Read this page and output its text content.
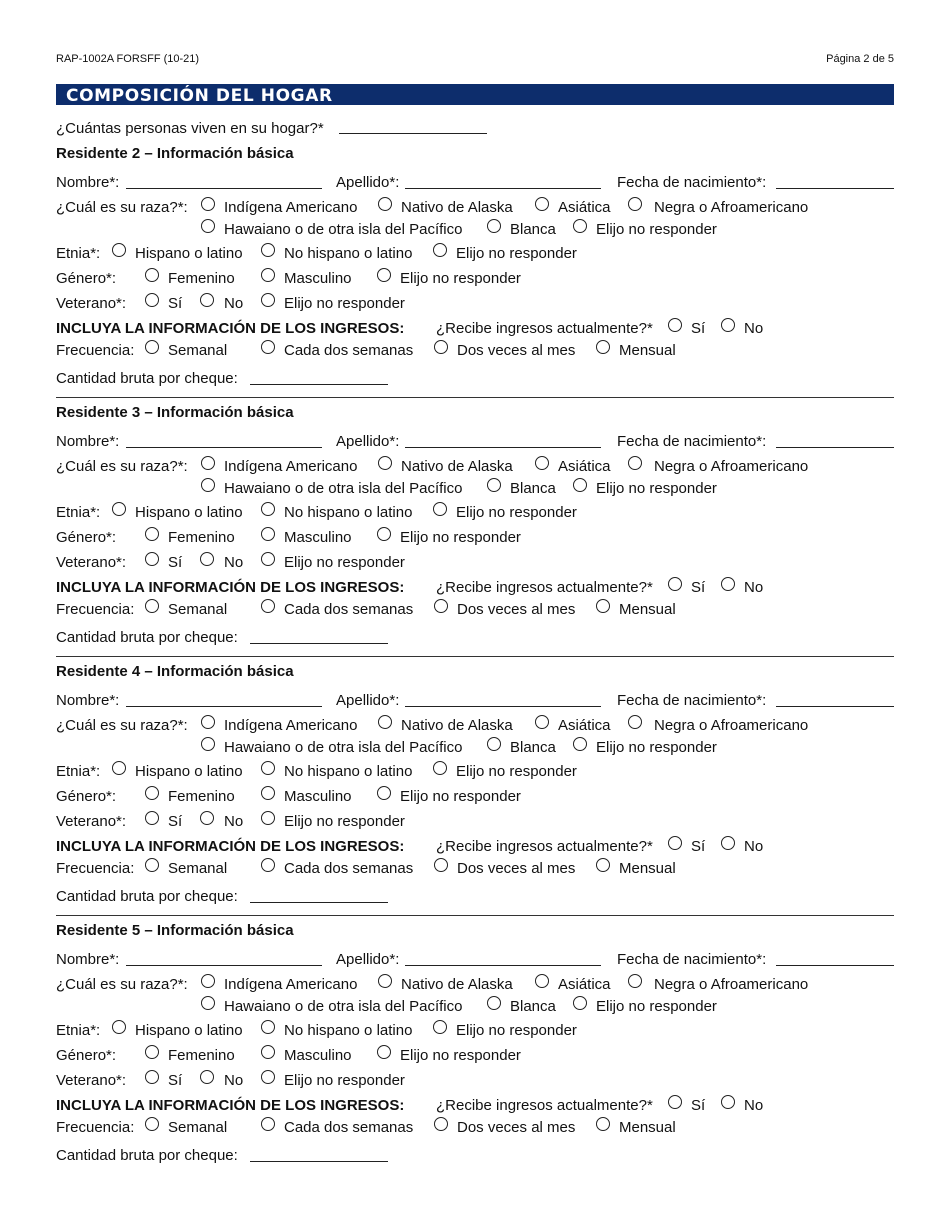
RAP-1002A FORSFF (10-21)	Página 2 de 5
COMPOSICIÓN DEL HOGAR
¿Cuántas personas viven en su hogar?*
Residente 2 – Información básica
Nombre*:	Apellido*:	Fecha de nacimiento*:
¿Cuál es su raza?*: Indígena Americano	Nativo de Alaska	Asiática	Negra o Afroamericano
Hawaiano o de otra isla del Pacífico	Blanca	Elijo no responder
Etnia*: Hispano o latino	No hispano o latino	Elijo no responder
Género*:	Femenino	Masculino	Elijo no responder
Veterano*:	Sí	No	Elijo no responder
INCLUYA LA INFORMACIÓN DE LOS INGRESOS: ¿Recibe ingresos actualmente?*	Sí	No
Frecuencia: Semanal	Cada dos semanas	Dos veces al mes	Mensual
Cantidad bruta por cheque:
Residente 3 – Información básica
Nombre*:	Apellido*:	Fecha de nacimiento*:
¿Cuál es su raza?*: Indígena Americano	Nativo de Alaska	Asiática	Negra o Afroamericano
Hawaiano o de otra isla del Pacífico	Blanca	Elijo no responder
Etnia*: Hispano o latino	No hispano o latino	Elijo no responder
Género*:	Femenino	Masculino	Elijo no responder
Veterano*:	Sí	No	Elijo no responder
INCLUYA LA INFORMACIÓN DE LOS INGRESOS: ¿Recibe ingresos actualmente?*	Sí	No
Frecuencia: Semanal	Cada dos semanas	Dos veces al mes	Mensual
Cantidad bruta por cheque:
Residente 4 – Información básica
Nombre*:	Apellido*:	Fecha de nacimiento*:
¿Cuál es su raza?*: Indígena Americano	Nativo de Alaska	Asiática	Negra o Afroamericano
Hawaiano o de otra isla del Pacífico	Blanca	Elijo no responder
Etnia*: Hispano o latino	No hispano o latino	Elijo no responder
Género*:	Femenino	Masculino	Elijo no responder
Veterano*:	Sí	No	Elijo no responder
INCLUYA LA INFORMACIÓN DE LOS INGRESOS: ¿Recibe ingresos actualmente?*	Sí	No
Frecuencia: Semanal	Cada dos semanas	Dos veces al mes	Mensual
Cantidad bruta por cheque:
Residente 5 – Información básica
Nombre*:	Apellido*:	Fecha de nacimiento*:
¿Cuál es su raza?*: Indígena Americano	Nativo de Alaska	Asiática	Negra o Afroamericano
Hawaiano o de otra isla del Pacífico	Blanca	Elijo no responder
Etnia*: Hispano o latino	No hispano o latino	Elijo no responder
Género*:	Femenino	Masculino	Elijo no responder
Veterano*:	Sí	No	Elijo no responder
INCLUYA LA INFORMACIÓN DE LOS INGRESOS: ¿Recibe ingresos actualmente?*	Sí	No
Frecuencia: Semanal	Cada dos semanas	Dos veces al mes	Mensual
Cantidad bruta por cheque:
